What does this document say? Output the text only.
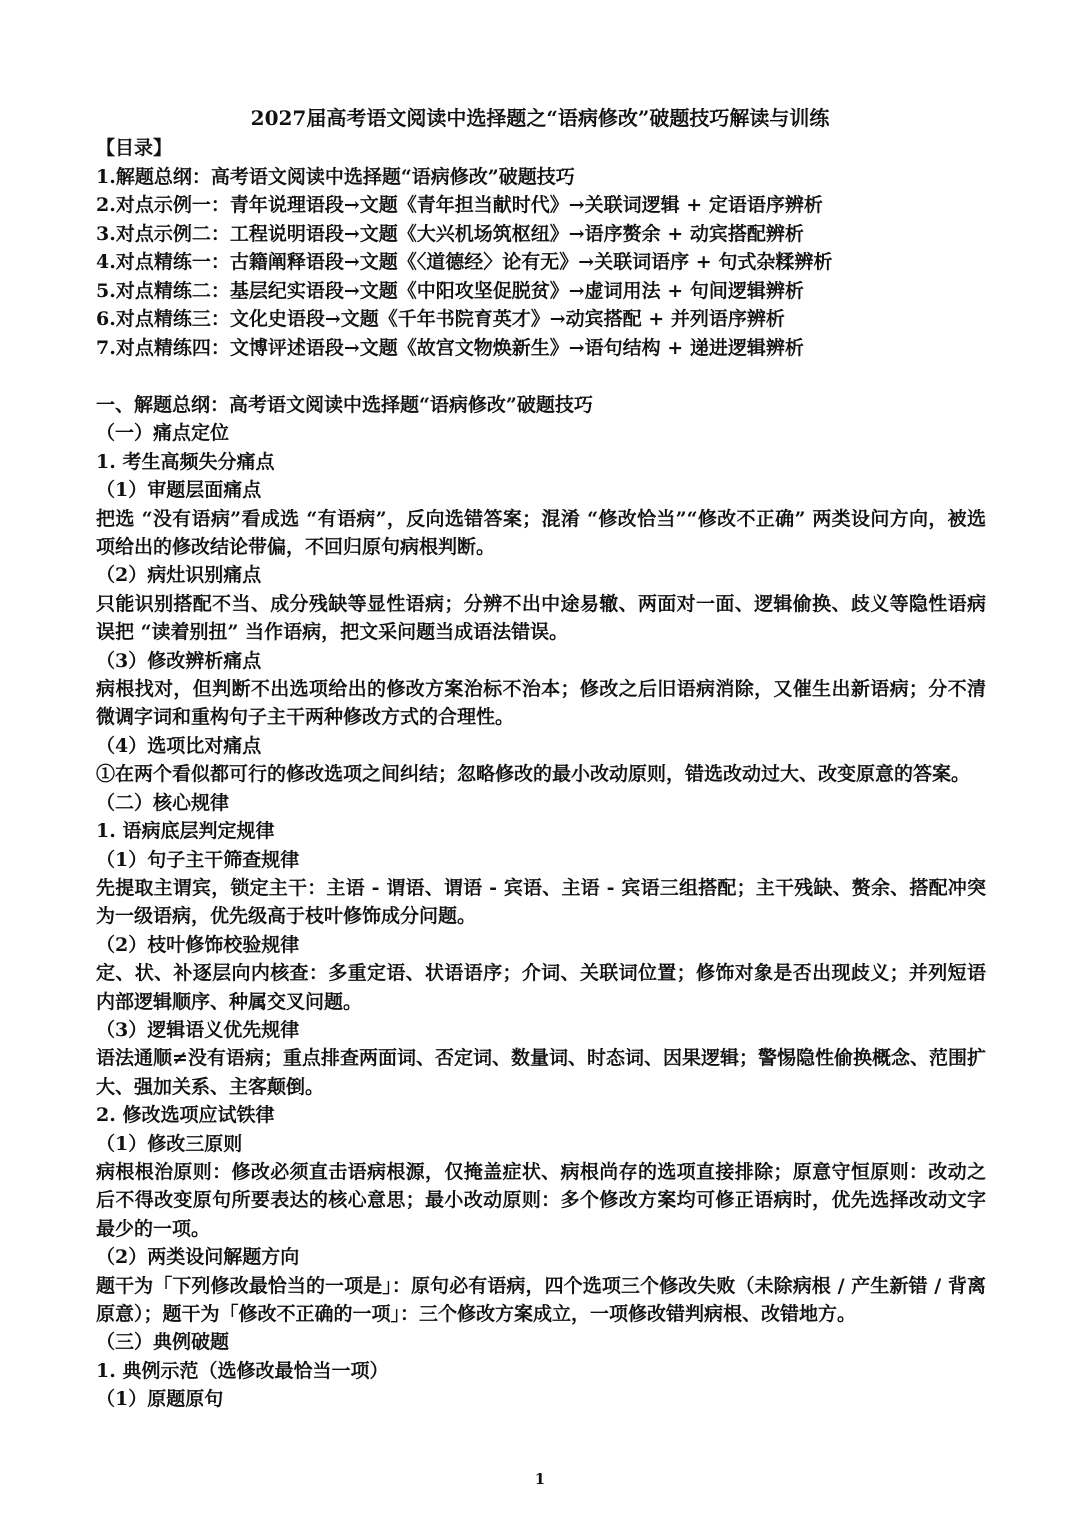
2027届高考语文阅读中选择题之“语病修改”破题技巧解读与训练
【目录】
1.解题总纲：高考语文阅读中选择题“语病修改”破题技巧
2.对点示例一：青年说理语段→文题《青年担当献时代》→关联词逻辑 + 定语语序辨析
3.对点示例二：工程说明语段→文题《大兴机场筑枢纽》→语序赘余 + 动宾搭配辨析
4.对点精练一：古籍阐释语段→文题《〈道德经〉论有无》→关联词语序 + 句式杂糅辨析
5.对点精练二：基层纪实语段→文题《中阳攻坚促脱贫》→虚词用法 + 句间逻辑辨析
6.对点精练三：文化史语段→文题《千年书院育英才》→动宾搭配 + 并列语序辨析
7.对点精练四：文博评述语段→文题《故宫文物焕新生》→语句结构 + 递进逻辑辨析
一、解题总纲：高考语文阅读中选择题“语病修改”破题技巧
（一）痛点定位
1. 考生高频失分痛点
（1）审题层面痛点
把选 “没有语病”看成选 “有语病”，反向选错答案；混淆 “修改恰当”“修改不正确” 两类设问方向，被选项给出的修改结论带偏，不回归原句病根判断。
（2）病灶识别痛点
只能识别搭配不当、成分残缺等显性语病；分辨不出中途易辙、两面对一面、逻辑偷换、歧义等隐性语病误把 “读着别扭” 当作语病，把文采问题当成语法错误。
（3）修改辨析痛点
病根找对，但判断不出选项给出的修改方案治标不治本；修改之后旧语病消除，又催生出新语病；分不清微调字词和重构句子主干两种修改方式的合理性。
（4）选项比对痛点
①在两个看似都可行的修改选项之间纠结；忽略修改的最小改动原则，错选改动过大、改变原意的答案。
（二）核心规律
1. 语病底层判定规律
（1）句子主干筛查规律
先提取主谓宾，锁定主干：主语 - 谓语、谓语 - 宾语、主语 - 宾语三组搭配；主干残缺、赘余、搭配冲突为一级语病，优先级高于枝叶修饰成分问题。
（2）枝叶修饰校验规律
定、状、补逐层向内核查：多重定语、状语语序；介词、关联词位置；修饰对象是否出现歧义；并列短语内部逻辑顺序、种属交叉问题。
（3）逻辑语义优先规律
语法通顺≠没有语病；重点排查两面词、否定词、数量词、时态词、因果逻辑；警惕隐性偷换概念、范围扩大、强加关系、主客颠倒。
2. 修改选项应试铁律
（1）修改三原则
病根根治原则：修改必须直击语病根源，仅掩盖症状、病根尚存的选项直接排除；原意守恒原则：改动之后不得改变原句所要表达的核心意思；最小改动原则：多个修改方案均可修正语病时，优先选择改动文字最少的一项。
（2）两类设问解题方向
题干为「下列修改最恰当的一项是」：原句必有语病，四个选项三个修改失败（未除病根 / 产生新错 / 背离原意）；题干为「修改不正确的一项」：三个修改方案成立，一项修改错判病根、改错地方。
（三）典例破题
1. 典例示范（选修改最恰当一项）
（1）原题原句
1
